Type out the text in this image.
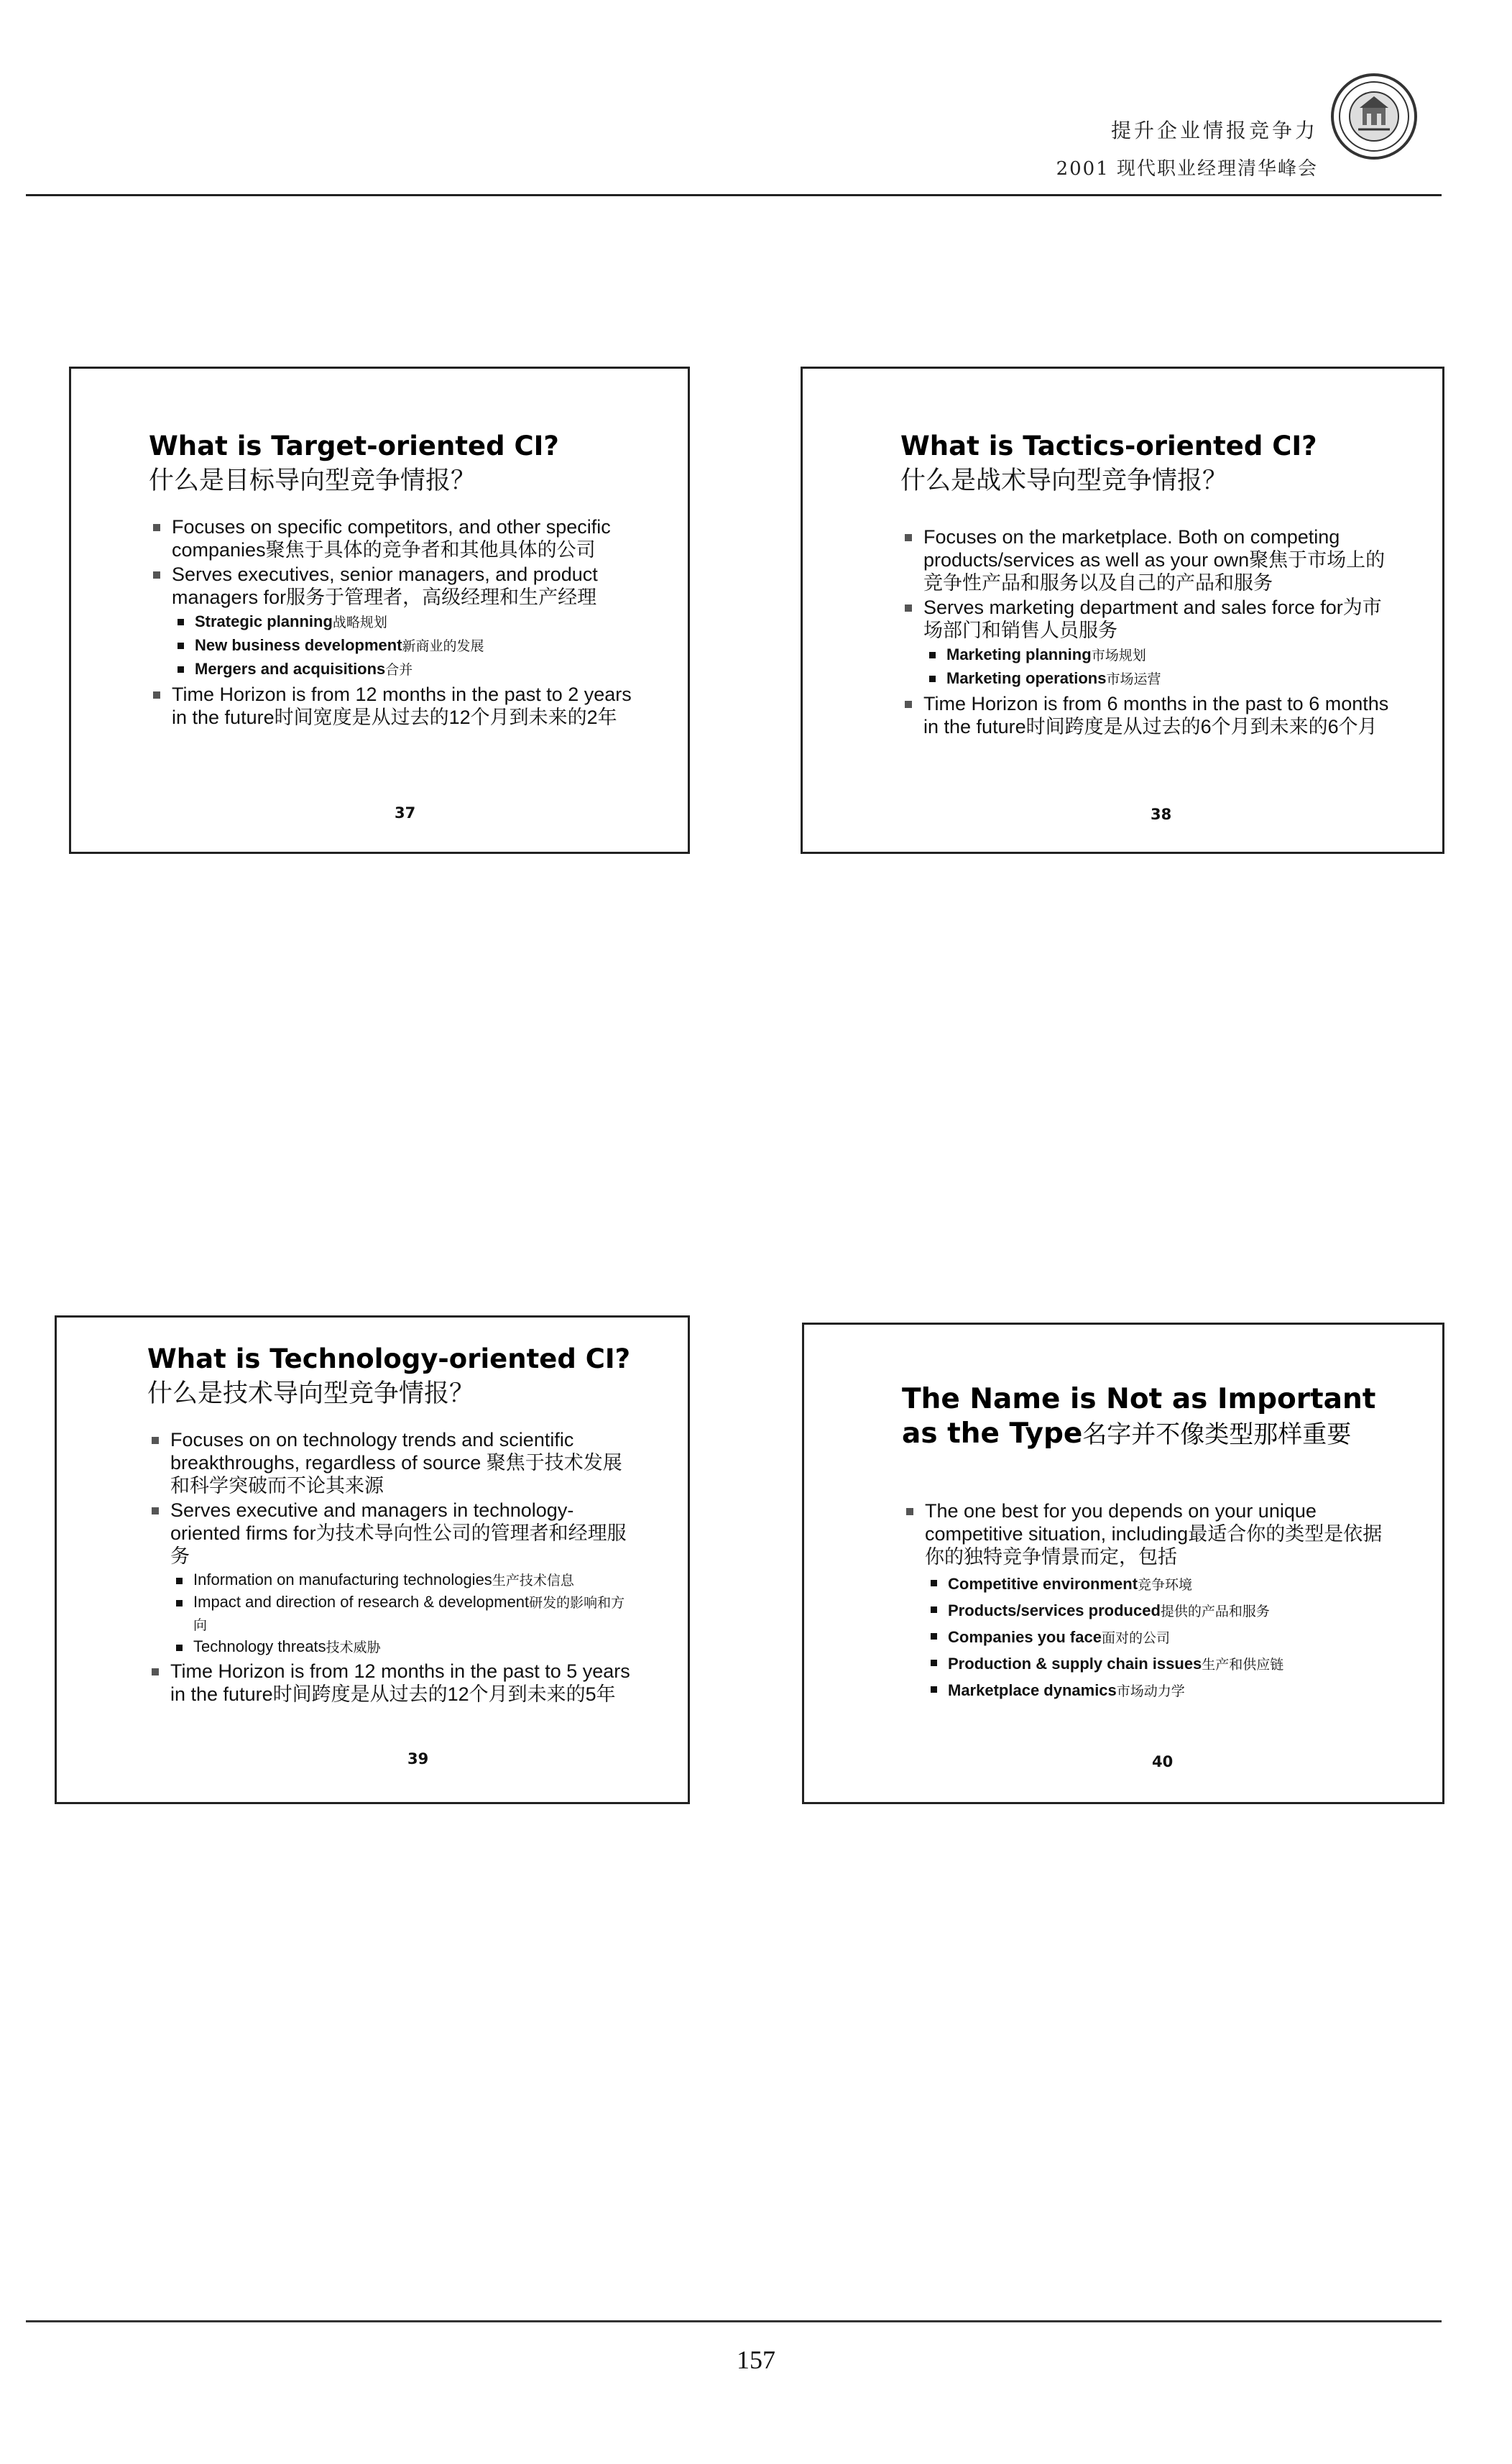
提升企业情报竞争力
2001 现代职业经理清华峰会
What is Target-oriented CI?
什么是目标导向型竞争情报？
Focuses on specific competitors, and other specific companies聚焦于具体的竞争者和其他具体的公司
Serves executives, senior managers, and product managers for服务于管理者，高级经理和生产经理
Strategic planning战略规划
New business development新商业的发展
Mergers and acquisitions合并
Time Horizon is from 12 months in the past to 2 years in the future时间宽度是从过去的12个月到未来的2年
37
What is Tactics-oriented CI?
什么是战术导向型竞争情报？
Focuses on the marketplace. Both on competing products/services as well as your own聚焦于市场上的竞争性产品和服务以及自己的产品和服务
Serves marketing department and sales force for为市场部门和销售人员服务
Marketing planning市场规划
Marketing operations市场运营
Time Horizon is from 6 months in the past to 6 months in the future时间跨度是从过去的6个月到未来的6个月
38
What is Technology-oriented CI?
什么是技术导向型竞争情报？
Focuses on on technology trends and scientific breakthroughs, regardless of source 聚焦于技术发展和科学突破而不论其来源
Serves executive and managers in technology-oriented firms for为技术导向性公司的管理者和经理服务
Information on manufacturing technologies生产技术信息
Impact and direction of research & development研发的影响和方向
Technology threats技术威胁
Time Horizon is from 12 months in the past to 5 years in the future时间跨度是从过去的12个月到未来的5年
39
The Name is Not as Important as the Type名字并不像类型那样重要
The one best for you depends on your unique competitive situation, including最适合你的类型是依据你的独特竞争情景而定，包括
Competitive environment竞争环境
Products/services produced提供的产品和服务
Companies you face面对的公司
Production & supply chain issues生产和供应链
Marketplace dynamics市场动力学
40
157
